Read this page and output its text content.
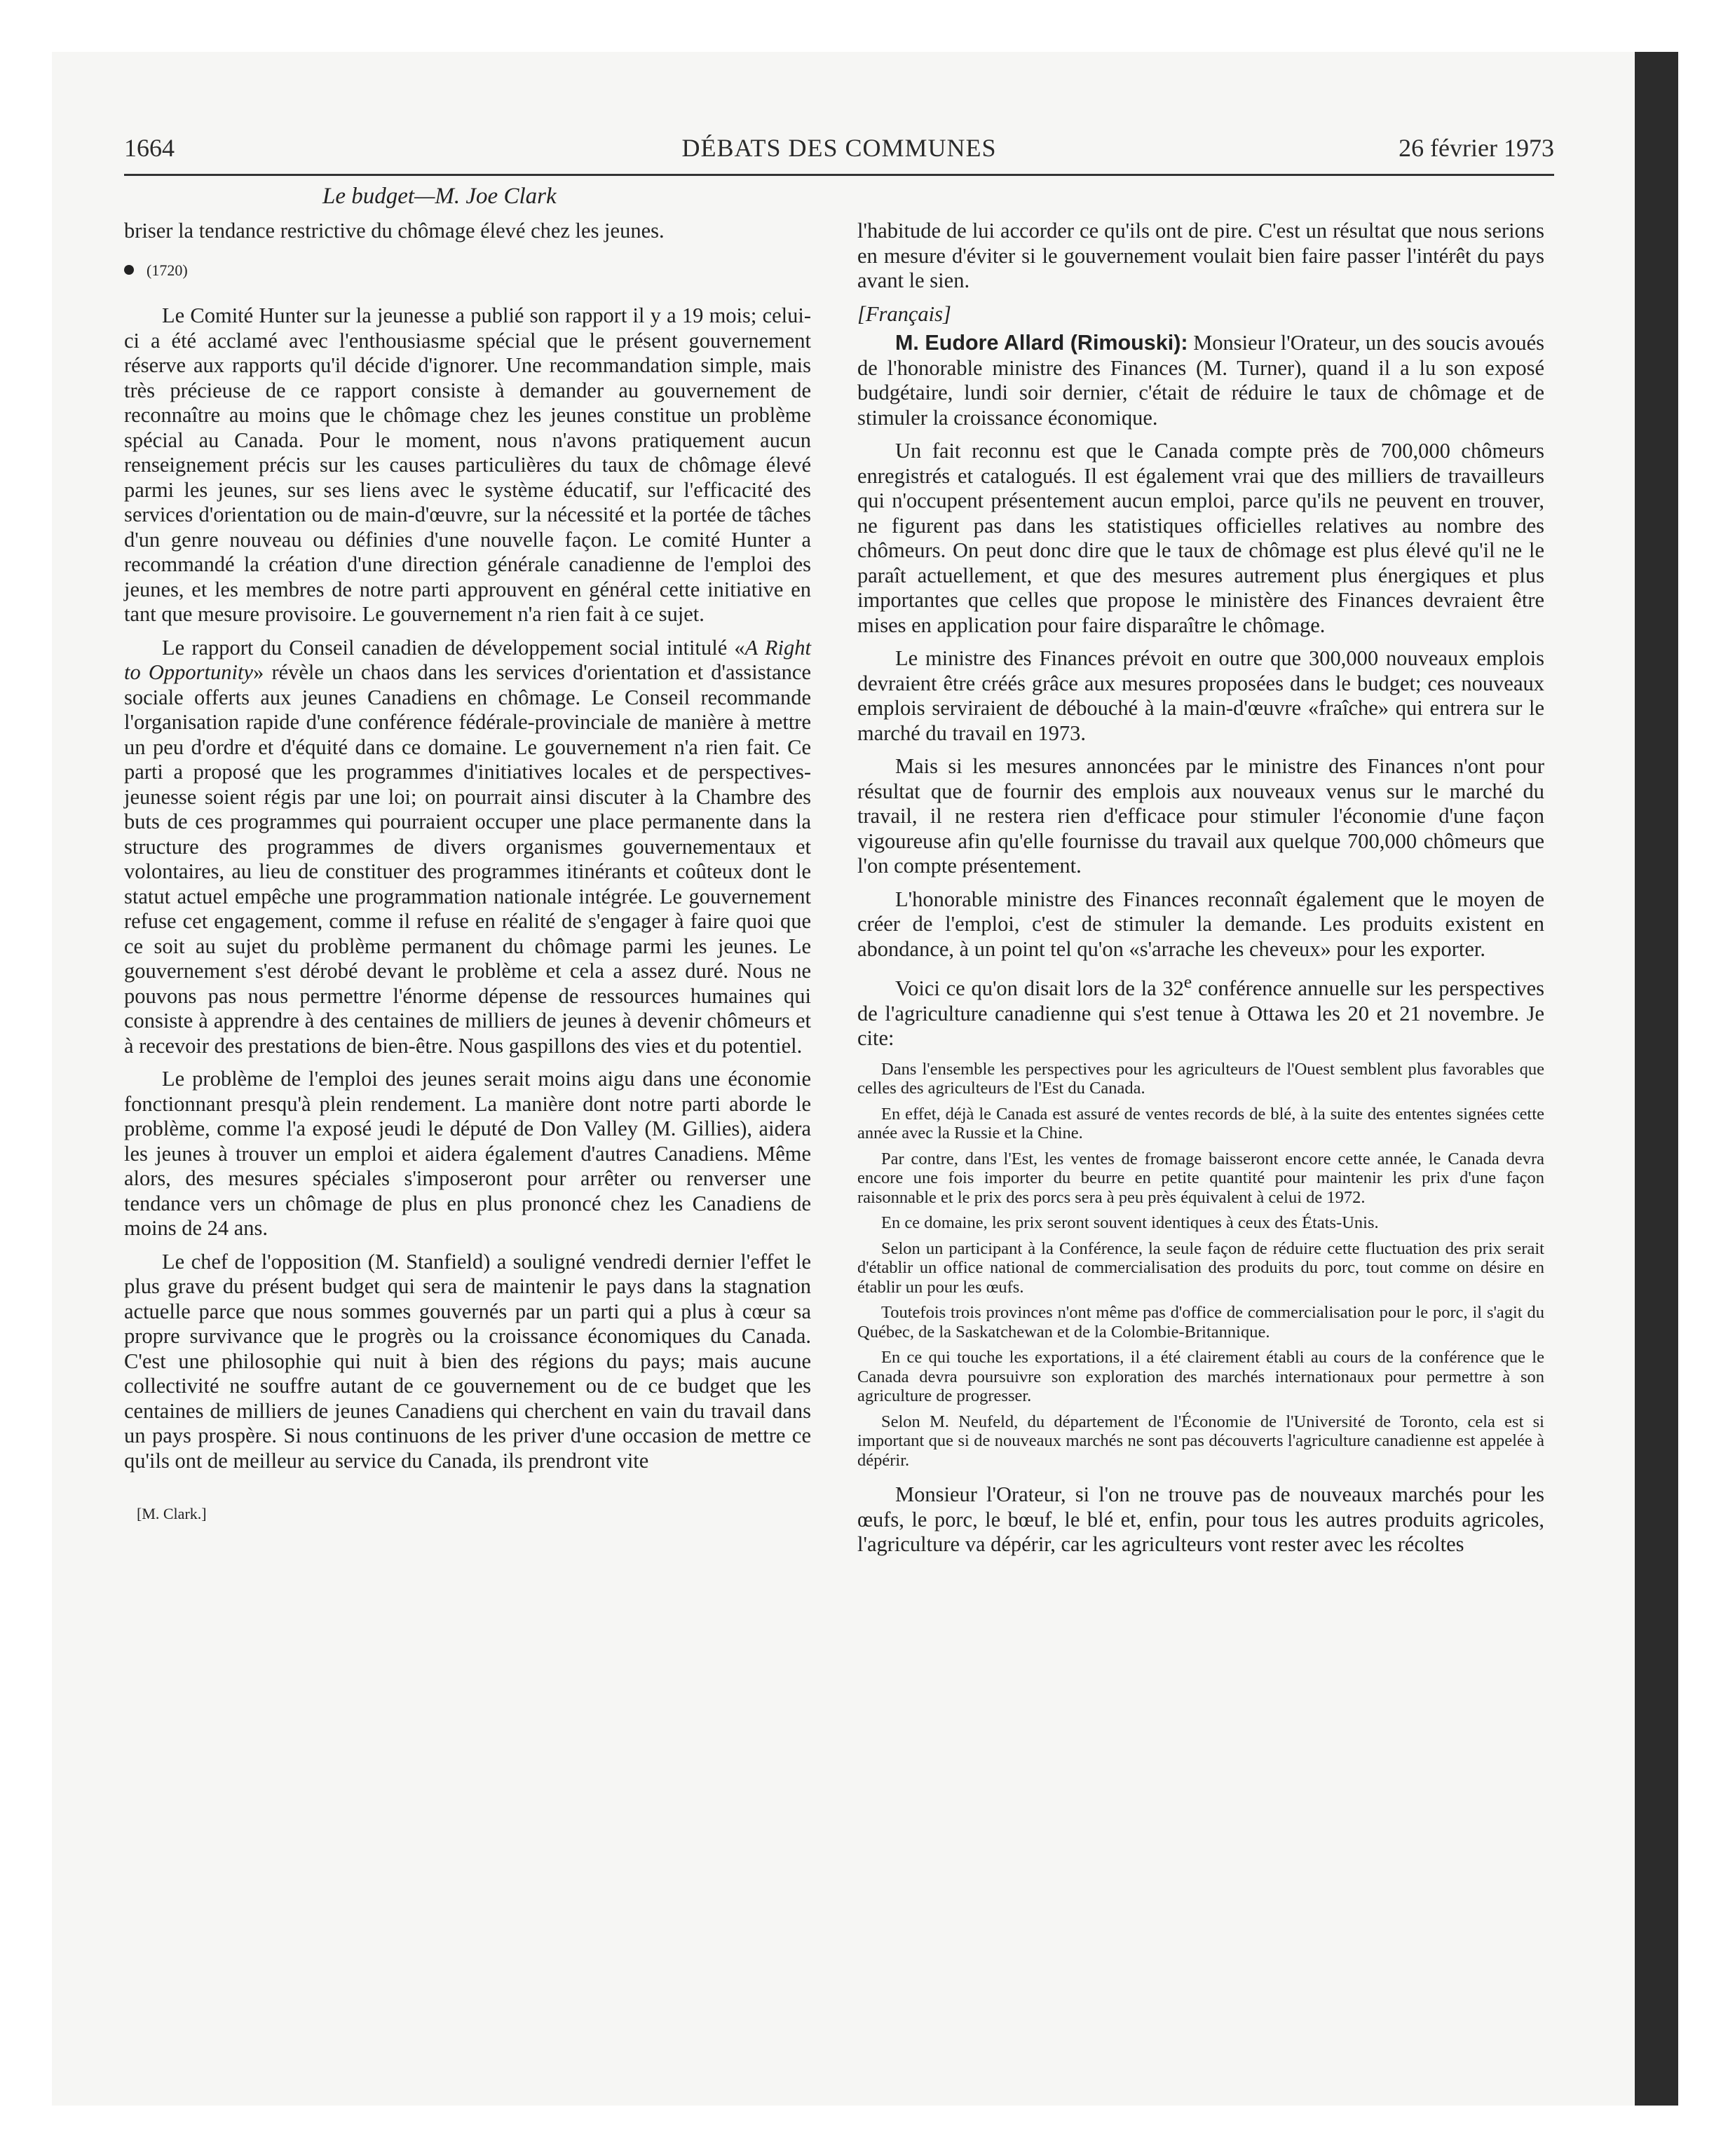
1664	DÉBATS DES COMMUNES	26 février 1973
Le budget—M. Joe Clark

briser la tendance restrictive du chômage élevé chez les jeunes.

(1720)

Le Comité Hunter sur la jeunesse a publié son rapport il y a 19 mois; celui-ci a été acclamé avec l'enthousiasme spécial que le présent gouvernement réserve aux rapports qu'il décide d'ignorer. Une recommandation simple, mais très précieuse de ce rapport consiste à demander au gouvernement de reconnaître au moins que le chômage chez les jeunes constitue un problème spécial au Canada. Pour le moment, nous n'avons pratiquement aucun renseignement précis sur les causes particulières du taux de chômage élevé parmi les jeunes, sur ses liens avec le système éducatif, sur l'efficacité des services d'orientation ou de main-d'œuvre, sur la nécessité et la portée de tâches d'un genre nouveau ou définies d'une nouvelle façon. Le comité Hunter a recommandé la création d'une direction générale canadienne de l'emploi des jeunes, et les membres de notre parti approuvent en général cette initiative en tant que mesure provisoire. Le gouvernement n'a rien fait à ce sujet.

Le rapport du Conseil canadien de développement social intitulé «A Right to Opportunity» révèle un chaos dans les services d'orientation et d'assistance sociale offerts aux jeunes Canadiens en chômage. Le Conseil recommande l'organisation rapide d'une conférence fédérale-provinciale de manière à mettre un peu d'ordre et d'équité dans ce domaine. Le gouvernement n'a rien fait. Ce parti a proposé que les programmes d'initiatives locales et de perspectives-jeunesse soient régis par une loi; on pourrait ainsi discuter à la Chambre des buts de ces programmes qui pourraient occuper une place permanente dans la structure des programmes de divers organismes gouvernementaux et volontaires, au lieu de constituer des programmes itinérants et coûteux dont le statut actuel empêche une programmation nationale intégrée. Le gouvernement refuse cet engagement, comme il refuse en réalité de s'engager à faire quoi que ce soit au sujet du problème permanent du chômage parmi les jeunes. Le gouvernement s'est dérobé devant le problème et cela a assez duré. Nous ne pouvons pas nous permettre l'énorme dépense de ressources humaines qui consiste à apprendre à des centaines de milliers de jeunes à devenir chômeurs et à recevoir des prestations de bien-être. Nous gaspillons des vies et du potentiel.

Le problème de l'emploi des jeunes serait moins aigu dans une économie fonctionnant presqu'à plein rendement. La manière dont notre parti aborde le problème, comme l'a exposé jeudi le député de Don Valley (M. Gillies), aidera les jeunes à trouver un emploi et aidera également d'autres Canadiens. Même alors, des mesures spéciales s'imposeront pour arrêter ou renverser une tendance vers un chômage de plus en plus prononcé chez les Canadiens de moins de 24 ans.

Le chef de l'opposition (M. Stanfield) a souligné vendredi dernier l'effet le plus grave du présent budget qui sera de maintenir le pays dans la stagnation actuelle parce que nous sommes gouvernés par un parti qui a plus à cœur sa propre survivance que le progrès ou la croissance économiques du Canada. C'est une philosophie qui nuit à bien des régions du pays; mais aucune collectivité ne souffre autant de ce gouvernement ou de ce budget que les centaines de milliers de jeunes Canadiens qui cherchent en vain du travail dans un pays prospère. Si nous continuons de les priver d'une occasion de mettre ce qu'ils ont de meilleur au service du Canada, ils prendront vite

[M. Clark.]

l'habitude de lui accorder ce qu'ils ont de pire. C'est un résultat que nous serions en mesure d'éviter si le gouvernement voulait bien faire passer l'intérêt du pays avant le sien.

[Français]

M. Eudore Allard (Rimouski): Monsieur l'Orateur, un des soucis avoués de l'honorable ministre des Finances (M. Turner), quand il a lu son exposé budgétaire, lundi soir dernier, c'était de réduire le taux de chômage et de stimuler la croissance économique.

Un fait reconnu est que le Canada compte près de 700,000 chômeurs enregistrés et catalogués. Il est également vrai que des milliers de travailleurs qui n'occupent présentement aucun emploi, parce qu'ils ne peuvent en trouver, ne figurent pas dans les statistiques officielles relatives au nombre des chômeurs. On peut donc dire que le taux de chômage est plus élevé qu'il ne le paraît actuellement, et que des mesures autrement plus énergiques et plus importantes que celles que propose le ministère des Finances devraient être mises en application pour faire disparaître le chômage.

Le ministre des Finances prévoit en outre que 300,000 nouveaux emplois devraient être créés grâce aux mesures proposées dans le budget; ces nouveaux emplois serviraient de débouché à la main-d'œuvre «fraîche» qui entrera sur le marché du travail en 1973.

Mais si les mesures annoncées par le ministre des Finances n'ont pour résultat que de fournir des emplois aux nouveaux venus sur le marché du travail, il ne restera rien d'efficace pour stimuler l'économie d'une façon vigoureuse afin qu'elle fournisse du travail aux quelque 700,000 chômeurs que l'on compte présentement.

L'honorable ministre des Finances reconnaît également que le moyen de créer de l'emploi, c'est de stimuler la demande. Les produits existent en abondance, à un point tel qu'on «s'arrache les cheveux» pour les exporter.

Voici ce qu'on disait lors de la 32e conférence annuelle sur les perspectives de l'agriculture canadienne qui s'est tenue à Ottawa les 20 et 21 novembre. Je cite:

Dans l'ensemble les perspectives pour les agriculteurs de l'Ouest semblent plus favorables que celles des agriculteurs de l'Est du Canada.

En effet, déjà le Canada est assuré de ventes records de blé, à la suite des ententes signées cette année avec la Russie et la Chine.

Par contre, dans l'Est, les ventes de fromage baisseront encore cette année, le Canada devra encore une fois importer du beurre en petite quantité pour maintenir les prix d'une façon raisonnable et le prix des porcs sera à peu près équivalent à celui de 1972.

En ce domaine, les prix seront souvent identiques à ceux des États-Unis.

Selon un participant à la Conférence, la seule façon de réduire cette fluctuation des prix serait d'établir un office national de commercialisation des produits du porc, tout comme on désire en établir un pour les œufs.

Toutefois trois provinces n'ont même pas d'office de commercialisation pour le porc, il s'agit du Québec, de la Saskatchewan et de la Colombie-Britannique.

En ce qui touche les exportations, il a été clairement établi au cours de la conférence que le Canada devra poursuivre son exploration des marchés internationaux pour permettre à son agriculture de progresser.

Selon M. Neufeld, du département de l'Économie de l'Université de Toronto, cela est si important que si de nouveaux marchés ne sont pas découverts l'agriculture canadienne est appelée à dépérir.

Monsieur l'Orateur, si l'on ne trouve pas de nouveaux marchés pour les œufs, le porc, le bœuf, le blé et, enfin, pour tous les autres produits agricoles, l'agriculture va dépérir, car les agriculteurs vont rester avec les récoltes
